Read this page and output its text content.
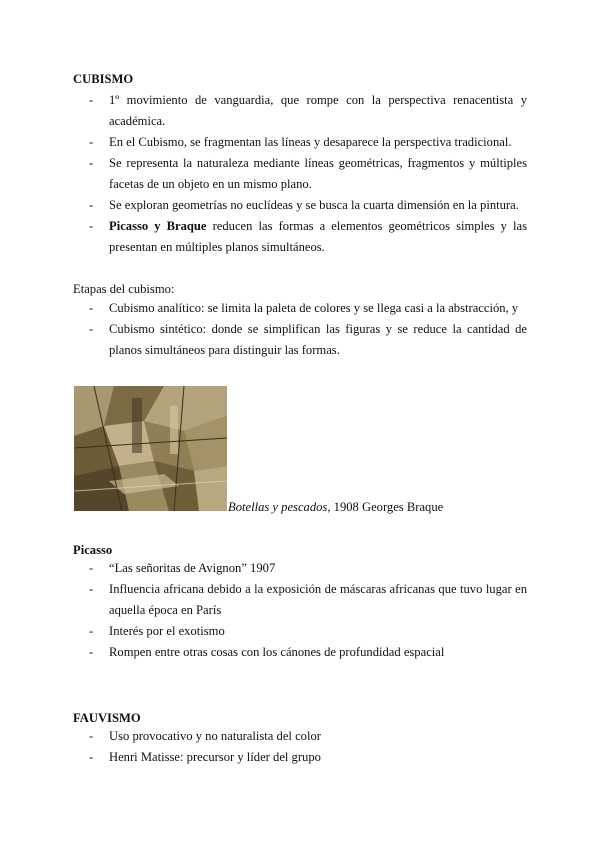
CUBISMO
- 1º movimiento de vanguardia, que rompe con la perspectiva renacentista y académica.
- En el Cubismo, se fragmentan las líneas y desaparece la perspectiva tradicional.
- Se representa la naturaleza mediante líneas geométricas, fragmentos y múltiples facetas de un objeto en un mismo plano.
- Se exploran geometrías no euclídeas y se busca la cuarta dimensión en la pintura.
- Picasso y Braque reducen las formas a elementos geométricos simples y las presentan en múltiples planos simultáneos.
Etapas del cubismo:
- Cubismo analítico: se limita la paleta de colores y se llega casi a la abstracción, y
- Cubismo sintético: donde se simplifican las figuras y se reduce la cantidad de planos simultáneos para distinguir las formas.
Botellas y pescados, 1908 Georges Braque
Picasso
- “Las señoritas de Avignon” 1907
- Influencia africana debido a la exposición de máscaras africanas que tuvo lugar en aquella época en París
- Interés por el exotismo
- Rompen entre otras cosas con los cánones de profundidad espacial
FAUVISMO
- Uso provocativo y no naturalista del color
- Henri Matisse: precursor y líder del grupo
